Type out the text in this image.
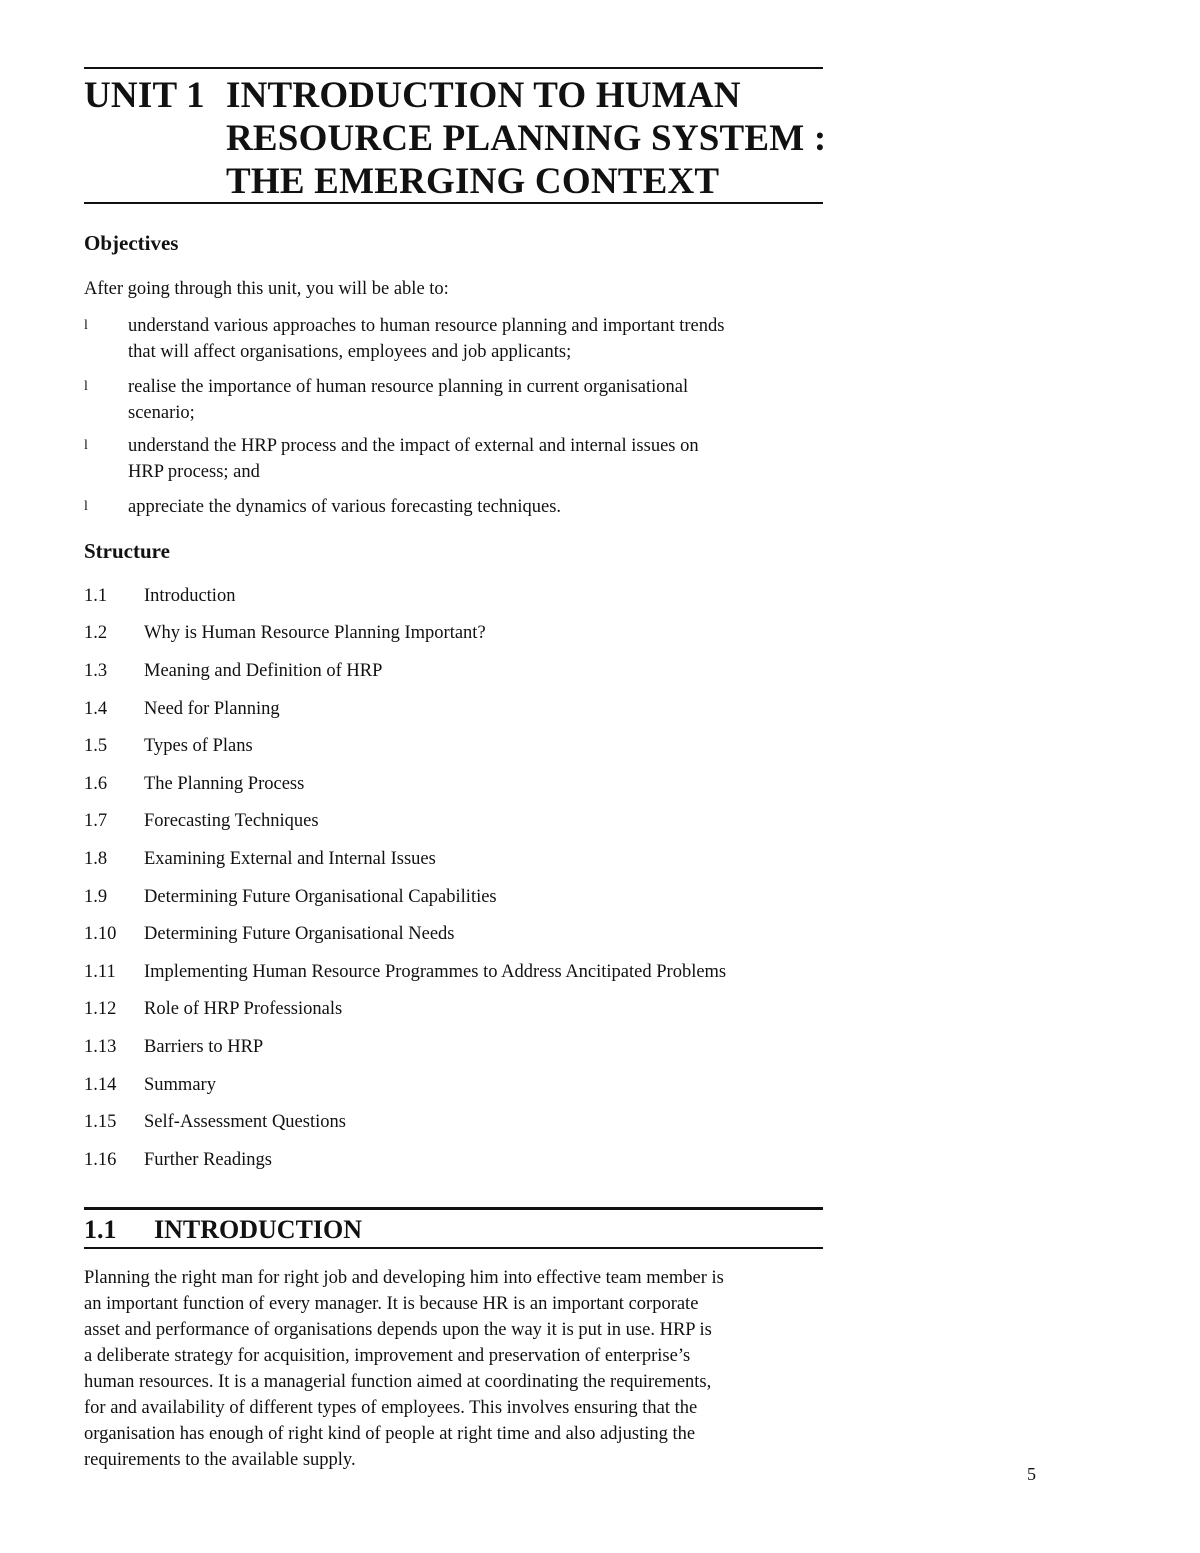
UNIT 1 INTRODUCTION TO HUMAN
RESOURCE PLANNING SYSTEM :
THE EMERGING CONTEXT
Objectives
After going through this unit, you will be able to:
l understand various approaches to human resource planning and important trends
that will affect organisations, employees and job applicants;
l realise the importance of human resource planning in current organisational
scenario;
l understand the HRP process and the impact of external and internal issues on
HRP process; and
l appreciate the dynamics of various forecasting techniques.
Structure
1.1 Introduction
1.2 Why is Human Resource Planning Important?
1.3 Meaning and Definition of HRP
1.4 Need for Planning
1.5 Types of Plans
1.6 The Planning Process
1.7 Forecasting Techniques
1.8 Examining External and Internal Issues
1.9 Determining Future Organisational Capabilities
1.10 Determining Future Organisational Needs
1.11 Implementing Human Resource Programmes to Address Ancitipated Problems
1.12 Role of HRP Professionals
1.13 Barriers to HRP
1.14 Summary
1.15 Self-Assessment Questions
1.16 Further Readings
1.1 INTRODUCTION
Planning the right man for right job and developing him into effective team member is
an important function of every manager. It is because HR is an important corporate
asset and performance of organisations depends upon the way it is put in use. HRP is
a deliberate strategy for acquisition, improvement and preservation of enterprise’s
human resources. It is a managerial function aimed at coordinating the requirements,
for and availability of different types of employees. This involves ensuring that the
organisation has enough of right kind of people at right time and also adjusting the
requirements to the available supply.
5
